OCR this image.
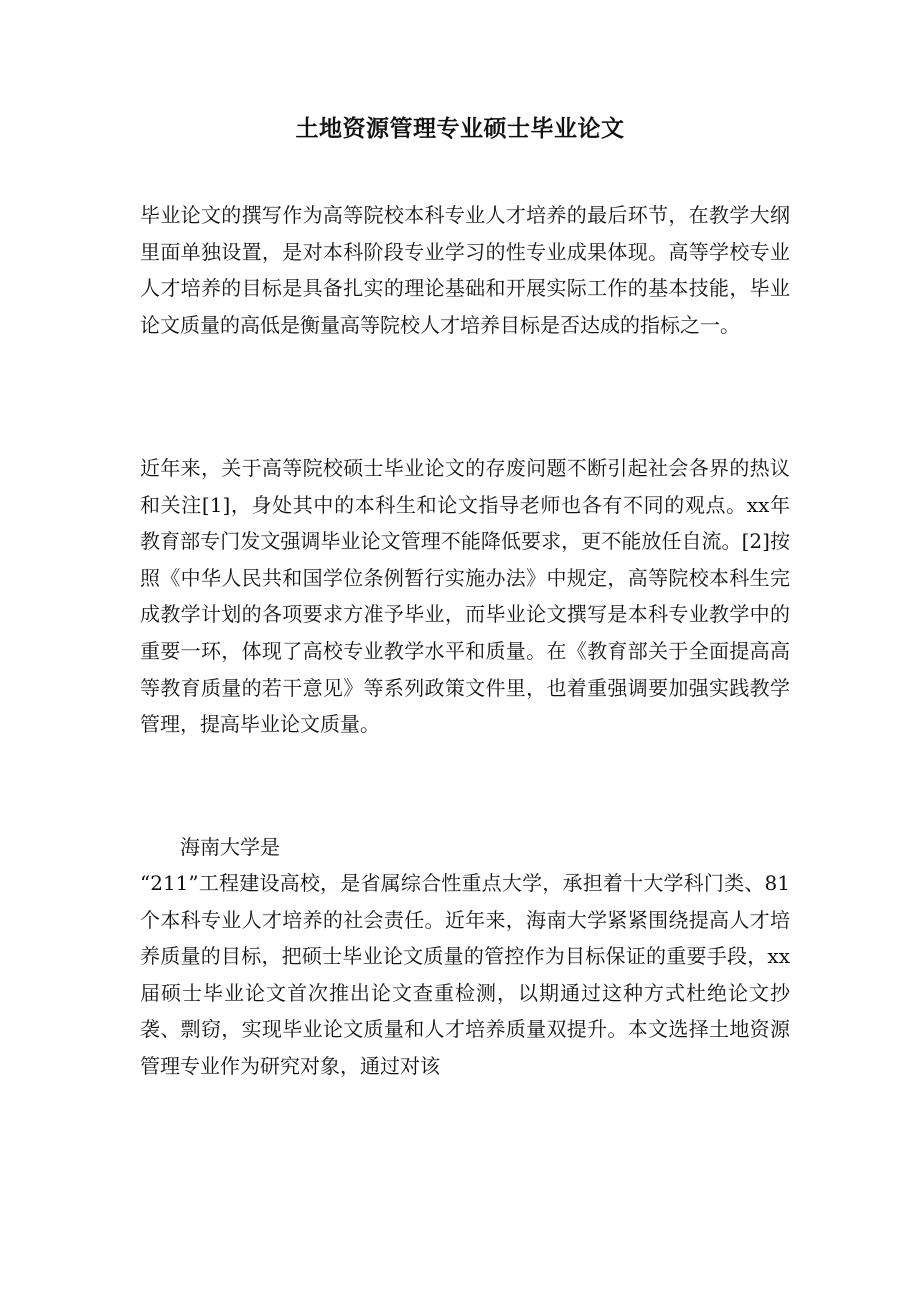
土地资源管理专业硕士毕业论文

毕业论文的撰写作为高等院校本科专业人才培养的最后环节，在教学大纲里面单独设置，是对本科阶段专业学习的性专业成果体现。高等学校专业人才培养的目标是具备扎实的理论基础和开展实际工作的基本技能，毕业论文质量的高低是衡量高等院校人才培养目标是否达成的指标之一。

近年来，关于高等院校硕士毕业论文的存废问题不断引起社会各界的热议和关注[1]，身处其中的本科生和论文指导老师也各有不同的观点。xx年教育部专门发文强调毕业论文管理不能降低要求，更不能放任自流。[2]按照《中华人民共和国学位条例暂行实施办法》中规定，高等院校本科生完成教学计划的各项要求方准予毕业，而毕业论文撰写是本科专业教学中的重要一环，体现了高校专业教学水平和质量。在《教育部关于全面提高高等教育质量的若干意见》等系列政策文件里，也着重强调要加强实践教学管理，提高毕业论文质量。

海南大学是

“211”工程建设高校，是省属综合性重点大学，承担着十大学科门类、81个本科专业人才培养的社会责任。近年来，海南大学紧紧围绕提高人才培养质量的目标，把硕士毕业论文质量的管控作为目标保证的重要手段，xx届硕士毕业论文首次推出论文查重检测，以期通过这种方式杜绝论文抄袭、剽窃，实现毕业论文质量和人才培养质量双提升。本文选择土地资源管理专业作为研究对象，通过对该
